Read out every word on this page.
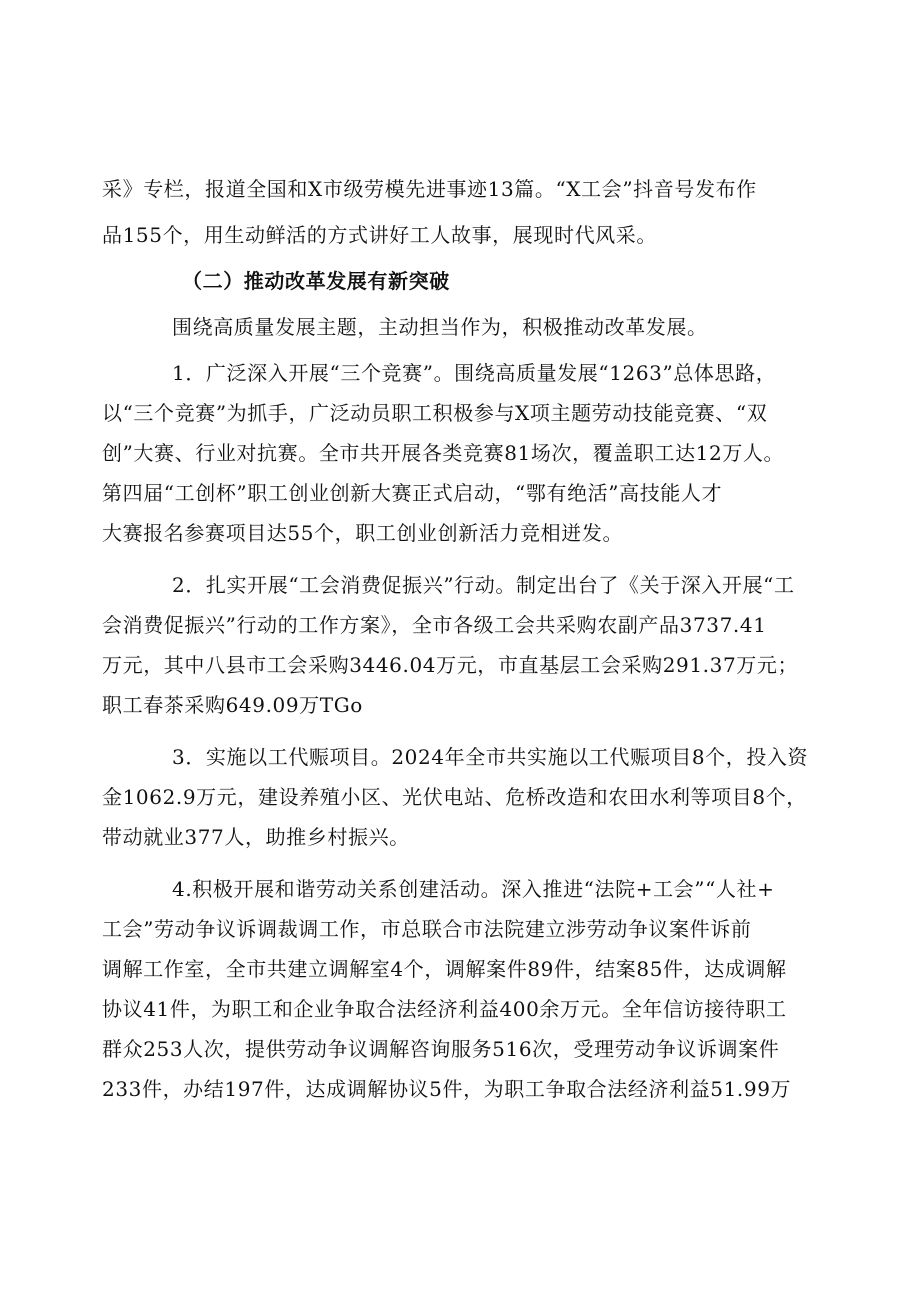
采》专栏，报道全国和X市级劳模先进事迹13篇。“X工会”抖音号发布作
品155个，用生动鲜活的方式讲好工人故事，展现时代风采。
（二）推动改革发展有新突破
围绕高质量发展主题，主动担当作为，积极推动改革发展。
1．广泛深入开展“三个竞赛”。围绕高质量发展“1263”总体思路，
以“三个竞赛”为抓手，广泛动员职工积极参与X项主题劳动技能竞赛、“双
创”大赛、行业对抗赛。全市共开展各类竞赛81场次，覆盖职工达12万人。
第四届“工创杯”职工创业创新大赛正式启动，“鄂有绝活”高技能人才
大赛报名参赛项目达55个，职工创业创新活力竞相迸发。
2．扎实开展“工会消费促振兴”行动。制定出台了《关于深入开展“工
会消费促振兴”行动的工作方案》，全市各级工会共采购农副产品3737.41
万元，其中八县市工会采购3446.04万元，市直基层工会采购291.37万元；
职工春茶采购649.09万TGo
3．实施以工代赈项目。2024年全市共实施以工代赈项目8个，投入资
金1062.9万元，建设养殖小区、光伏电站、危桥改造和农田水利等项目8个，
带动就业377人，助推乡村振兴。
4.积极开展和谐劳动关系创建活动。深入推进“法院+工会”“人社+
工会”劳动争议诉调裁调工作，市总联合市法院建立涉劳动争议案件诉前
调解工作室，全市共建立调解室4个，调解案件89件，结案85件，达成调解
协议41件，为职工和企业争取合法经济利益400余万元。全年信访接待职工
群众253人次，提供劳动争议调解咨询服务516次，受理劳动争议诉调案件
233件，办结197件，达成调解协议5件，为职工争取合法经济利益51.99万
